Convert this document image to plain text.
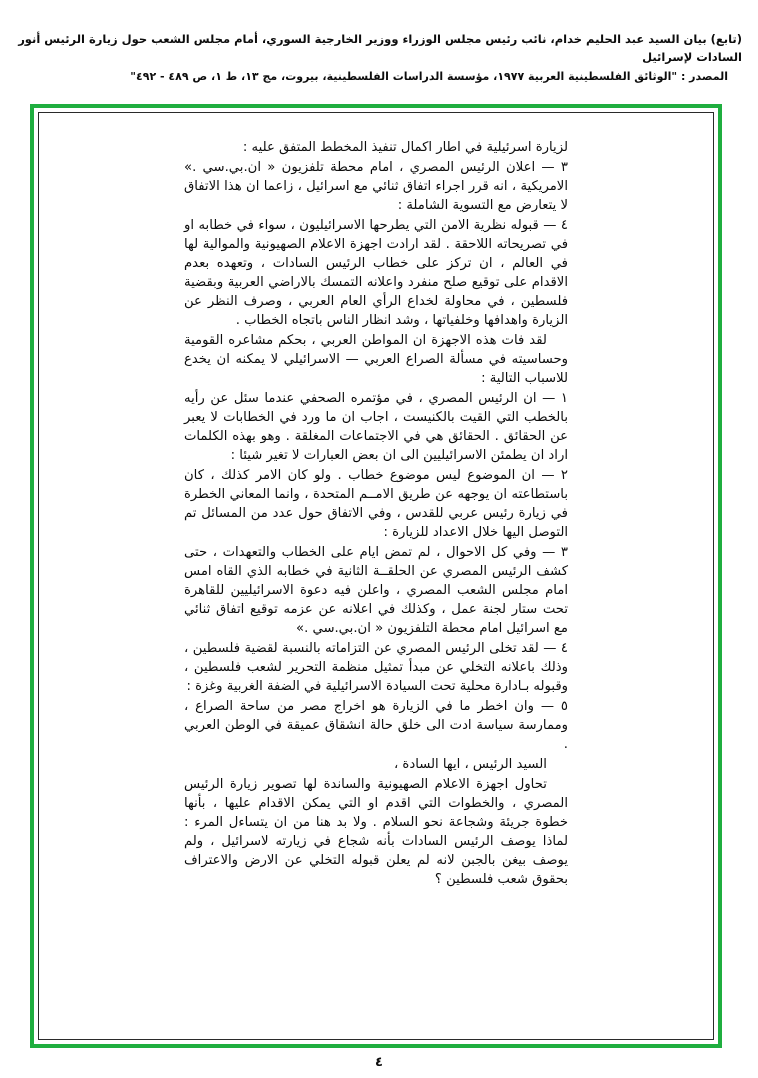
(تابع) بيان السيد عبد الحليم خدام، نائب رئيس مجلس الوزراء ووزير الخارجية السوري، أمام مجلس الشعب حول زيارة الرئيس أنور السادات لإسرائيل
المصدر : "الوثائق الفلسطينية العربية ١٩٧٧، مؤسسة الدراسات الفلسطينية، بيروت، مج ١٣، ط ١، ص ٤٨٩ - ٤٩٢"

لزيارة اسرئيلية في اطار اكمال تنفيذ المخطط المتفق عليه :

٣ — اعلان الرئيس المصري ، امام محطة تلفزيون « ان.بي.سي .» الامريكية ، انه قرر اجراء اتفاق ثنائي مع اسرائيل ، زاعما ان هذا الاتفاق لا يتعارض مع التسوية الشاملة :

٤ — قبوله نظرية الامن التي يطرحها الاسرائيليون ، سواء في خطابه او في تصريحاته اللاحقة . لقد ارادت اجهزة الاعلام الصهيونية والموالية لها في العالم ، ان تركز على خطاب الرئيس السادات ، وتعهده بعدم الاقدام على توقيع صلح منفرد واعلانه التمسك بالاراضي العربية وبقضية فلسطين ، في محاولة لخداع الرأي العام العربي ، وصرف النظر عن الزيارة واهدافها وخلفياتها ، وشد انظار الناس باتجاه الخطاب .

لقد فات هذه الاجهزة ان المواطن العربي ، بحكم مشاعره القومية وحساسيته في مسألة الصراع العربي — الاسرائيلي لا يمكنه ان يخدع للاسباب التالية :

١ — ان الرئيس المصري ، في مؤتمره الصحفي عندما سئل عن رأيه بالخطب التي القيت بالكنيست ، اجاب ان ما ورد في الخطابات لا يعبر عن الحقائق . الحقائق هي في الاجتماعات المغلقة . وهو بهذه الكلمات اراد ان يطمئن الاسرائيليين الى ان بعض العبارات لا تغير شيئا :

٢ — ان الموضوع ليس موضوع خطاب . ولو كان الامر كذلك ، كان باستطاعته ان يوجهه عن طريق الامــم المتحدة ، وانما المعاني الخطرة في زيارة رئيس عربي للقدس ، وفي الاتفاق حول عدد من المسائل تم التوصل اليها خلال الاعداد للزيارة :

٣ — وفي كل الاحوال ، لم تمض ايام على الخطاب والتعهدات ، حتى كشف الرئيس المصري عن الحلقــة الثانية في خطابه الذي القاه امس امام مجلس الشعب المصري ، واعلن فيه دعوة الاسرائيليين للقاهرة تحت ستار لجنة عمل ، وكذلك في اعلانه عن عزمه توقيع اتفاق ثنائي مع اسرائيل امام محطة التلفزيون « ان.بي.سي .»

٤ — لقد تخلى الرئيس المصري عن التزاماته بالنسبة لقضية فلسطين ، وذلك باعلانه التخلي عن مبدأ تمثيل منظمة التحرير لشعب فلسطين ، وقبوله بـادارة محلية تحت السيادة الاسرائيلية في الضفة الغربية وغزة :

٥ — وان اخطر ما في الزيارة هو اخراج مصر من ساحة الصراع ، وممارسة سياسة ادت الى خلق حالة انشقاق عميقة في الوطن العربي .

السيد الرئيس ، ايها السادة ،

تحاول اجهزة الاعلام الصهيونية والساندة لها تصوير زيارة الرئيس المصري ، والخطوات التي اقدم او التي يمكن الاقدام عليها ، بأنها خطوة جريئة وشجاعة نحو السلام . ولا بد هنا من ان يتساءل المرء : لماذا يوصف الرئيس السادات بأنه شجاع في زيارته لاسرائيل ، ولم يوصف بيغن بالجبن لانه لم يعلن قبوله التخلي عن الارض والاعتراف بحقوق شعب فلسطين ؟

٤
